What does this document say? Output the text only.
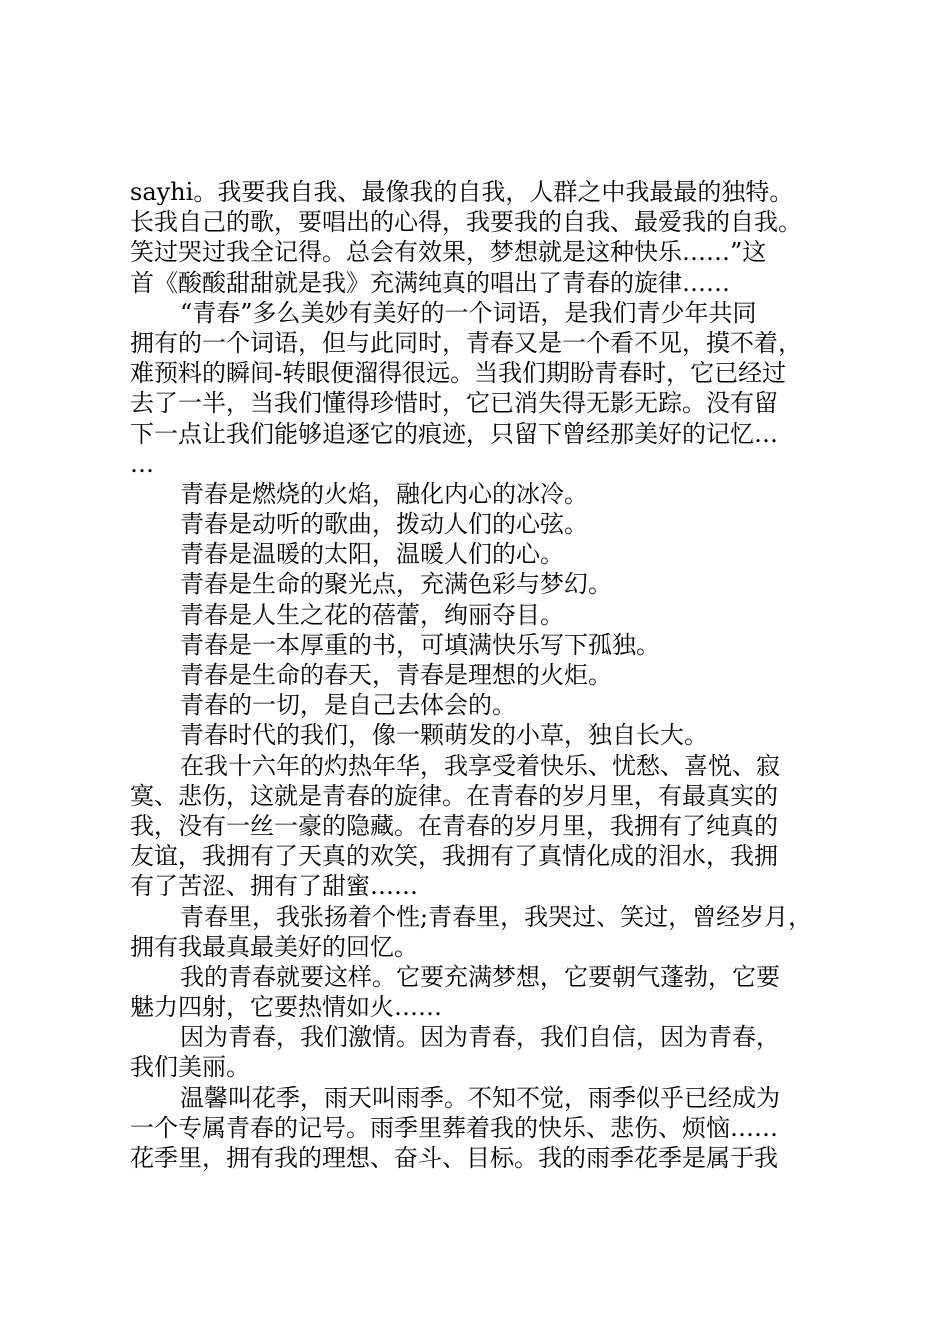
sayhi。我要我自我、最像我的自我，人群之中我最最的独特。
长我自己的歌，要唱出的心得，我要我的自我、最爱我的自我。
笑过哭过我全记得。总会有效果，梦想就是这种快乐……”这
首《酸酸甜甜就是我》充满纯真的唱出了青春的旋律……
“青春”多么美妙有美好的一个词语，是我们青少年共同
拥有的一个词语，但与此同时，青春又是一个看不见，摸不着，
难预料的瞬间-转眼便溜得很远。当我们期盼青春时，它已经过
去了一半，当我们懂得珍惜时，它已消失得无影无踪。没有留
下一点让我们能够追逐它的痕迹，只留下曾经那美好的记忆…
…
青春是燃烧的火焰，融化内心的冰冷。
青春是动听的歌曲，拨动人们的心弦。
青春是温暖的太阳，温暖人们的心。
青春是生命的聚光点，充满色彩与梦幻。
青春是人生之花的蓓蕾，绚丽夺目。
青春是一本厚重的书，可填满快乐写下孤独。
青春是生命的春天，青春是理想的火炬。
青春的一切，是自己去体会的。
青春时代的我们，像一颗萌发的小草，独自长大。
在我十六年的灼热年华，我享受着快乐、忧愁、喜悦、寂
寞、悲伤，这就是青春的旋律。在青春的岁月里，有最真实的
我，没有一丝一豪的隐藏。在青春的岁月里，我拥有了纯真的
友谊，我拥有了天真的欢笑，我拥有了真情化成的泪水，我拥
有了苦涩、拥有了甜蜜……
青春里，我张扬着个性;青春里，我哭过、笑过，曾经岁月，
拥有我最真最美好的回忆。
我的青春就要这样。它要充满梦想，它要朝气蓬勃，它要
魅力四射，它要热情如火……
因为青春，我们激情。因为青春，我们自信，因为青春，
我们美丽。
温馨叫花季，雨天叫雨季。不知不觉，雨季似乎已经成为
一个专属青春的记号。雨季里葬着我的快乐、悲伤、烦恼……
花季里，拥有我的理想、奋斗、目标。我的雨季花季是属于我
